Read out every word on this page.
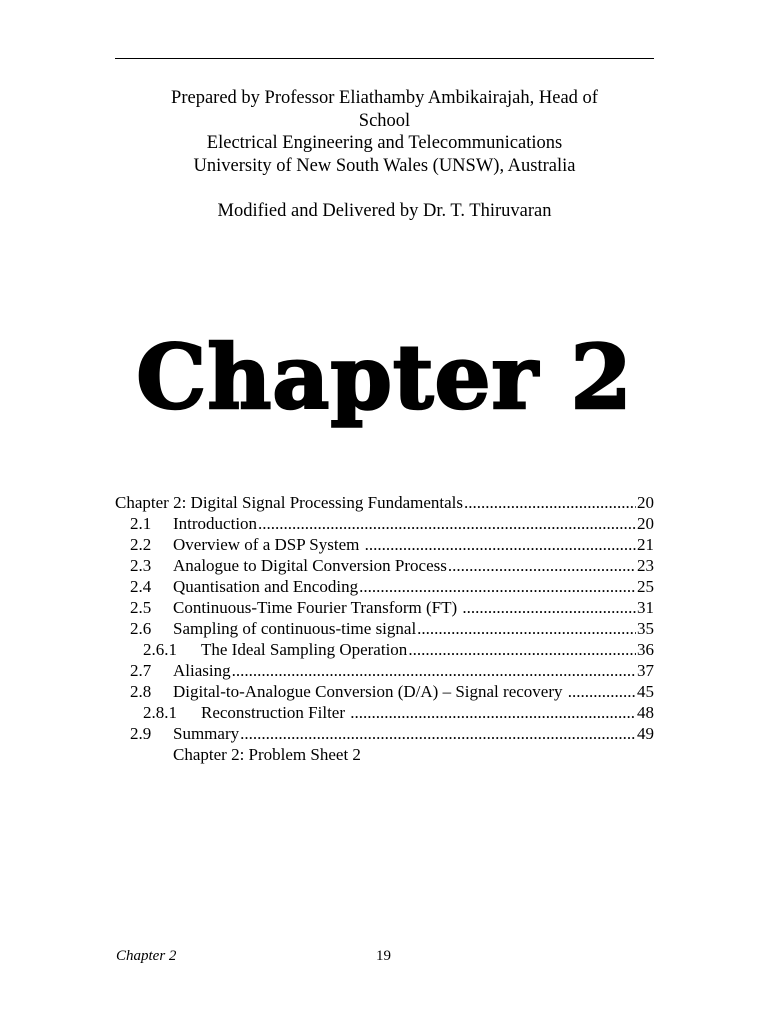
Prepared by Professor Eliathamby Ambikairajah, Head of
School
Electrical Engineering and Telecommunications
University of New South Wales (UNSW), Australia
Modified and Delivered by Dr. T. Thiruvaran
Chapter 2
Chapter 2: Digital Signal Processing Fundamentals .....	20
2.1	Introduction .....	20
2.2	Overview of a DSP System .....	21
2.3	Analogue to Digital Conversion Process .....	23
2.4	Quantisation and Encoding .....	25
2.5	Continuous-Time Fourier Transform (FT) .....	31
2.6	Sampling of continuous-time signal .....	35
2.6.1	The Ideal Sampling Operation .....	36
2.7	Aliasing .....	37
2.8	Digital-to-Analogue Conversion (D/A) – Signal recovery .....	45
2.8.1	Reconstruction Filter .....	48
2.9	Summary .....	49
Chapter 2: Problem Sheet 2
Chapter 2	19
